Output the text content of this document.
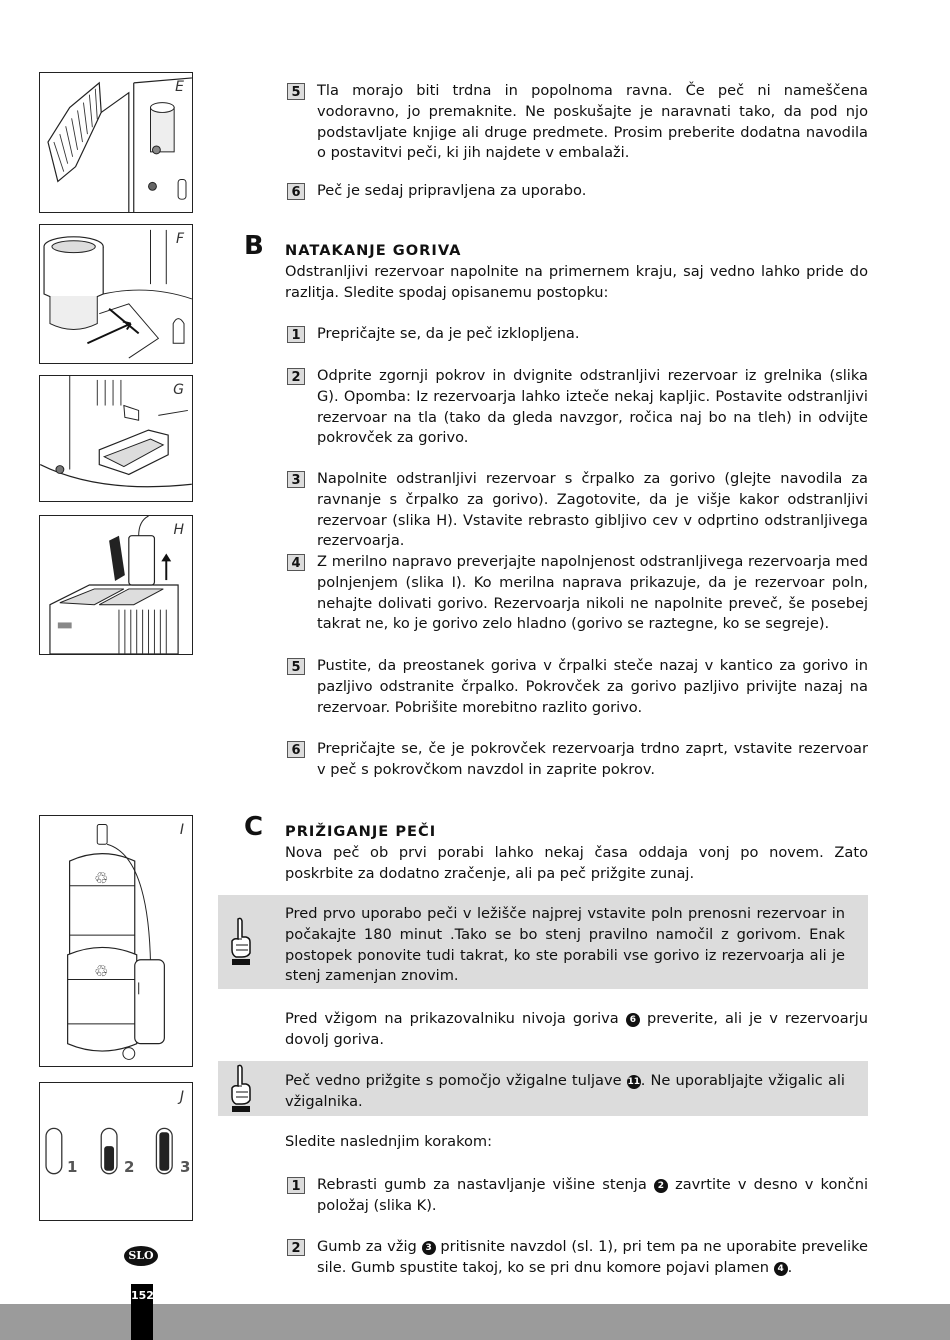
E
F
G
H
♲
♲
I
J
1	2	3
5	Tla morajo biti trdna in popolnoma ravna. Če peč ni nameščena vodoravno, jo premaknite. Ne poskušajte je naravnati tako, da pod njo podstavljate knjige ali druge predmete. Prosim preberite dodatna navodila o postavitvi peči, ki jih najdete v embalaži.
6	Peč je sedaj pripravljena za uporabo.
B NATAKANJE GORIVA
Odstranljivi rezervoar napolnite na primernem kraju, saj vedno lahko pride do razlitja. Sledite spodaj opisanemu postopku:
1	Prepričajte se, da je peč izklopljena.
2	Odprite zgornji pokrov in dvignite odstranljivi rezervoar iz grelnika (slika G). Opomba: Iz rezervoarja lahko izteče nekaj kapljic. Postavite odstranljivi rezervoar na tla (tako da gleda navzgor, ročica naj bo na tleh) in odvijte pokrovček za gorivo.
3	Napolnite odstranljivi rezervoar s črpalko za gorivo (glejte navodila za ravnanje s črpalko za gorivo). Zagotovite, da je višje kakor odstranljivi rezervoar (slika H). Vstavite rebrasto gibljivo cev v odprtino odstranljivega rezervoarja.
4	Z merilno napravo preverjajte napolnjenost odstranljivega rezervoarja med polnjenjem (slika I). Ko merilna naprava prikazuje, da je rezervoar poln, nehajte dolivati gorivo. Rezervoarja nikoli ne napolnite preveč, še posebej takrat ne, ko je gorivo zelo hladno (gorivo se raztegne, ko se segreje).
5	Pustite, da preostanek goriva v črpalki steče nazaj v kantico za gorivo in pazljivo odstranite črpalko. Pokrovček za gorivo pazljivo privijte nazaj na rezervoar. Pobrišite morebitno razlito gorivo.
6	Prepričajte se, če je pokrovček rezervoarja trdno zaprt, vstavite rezervoar v peč s pokrovčkom navzdol in zaprite pokrov.
C PRIŽIGANJE PEČI
Nova peč ob prvi porabi lahko nekaj časa oddaja vonj po novem. Zato poskrbite za dodatno zračenje, ali pa peč prižgite zunaj.
Pred prvo uporabo peči v ležišče najprej vstavite poln prenosni rezervoar in počakajte 180 minut .Tako se bo stenj pravilno namočil z gorivom. Enak postopek ponovite tudi takrat, ko ste porabili vse gorivo iz rezervoarja ali je stenj zamenjan znovim.
Pred vžigom na prikazovalniku nivoja goriva 6 preverite, ali je v rezervoarju dovolj goriva.
Peč vedno prižgite s pomočjo vžigalne tuljave 11. Ne uporabljajte vžigalic ali vžigalnika.
Sledite naslednjim korakom:
1	Rebrasti gumb za nastavljanje višine stenja 2 zavrtite v desno v končni položaj (slika K).
2	Gumb za vžig 3 pritisnite navzdol (sl. 1), pri tem pa ne uporabite prevelike sile. Gumb spustite takoj, ko se pri dnu komore pojavi plamen 4 .
SLO
152
